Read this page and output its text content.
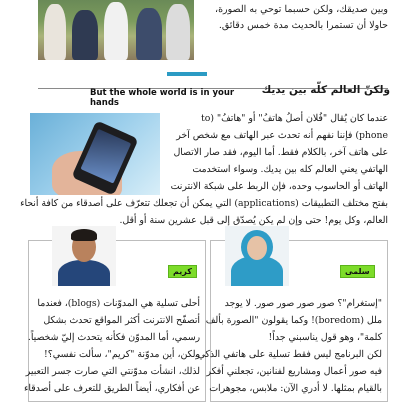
وبين صديقك، ولكن حسبما توحي به الصورة،

حاولا أن تستمرا بالحديث مدة خمس دقائق.

But the whole world is in your hands
ولكنّ العالم كلّه بين يديك

عندما كان يُقال "فُلان أصلُ هاتفُ" أو "هاتفُ" (to

phone) فإننا نفهم أنه تحدث عبر الهاتف مع شخص آخر

على هاتف آخر، بالكلام فقط. أما اليوم، فقد صار الاتصال

الهاتفي يعني العالم كله بين يديك. وسواء استخدمت

الهاتف أو الحاسوب وحده، فإن الربط على شبكة الانترنت

بفتح مختلف التطبيقات (applications) التي يمكن أن تجعلك تتعرّف على أصدقاء من كافة أنحاء

العالم، وكل يوم! حتى وإن لم يكن يُصدّق إلى قبل عشرين سنة أو أقل.

كريم

أحلى تسلية هي المدوّنات (blogs)، فعندما

أتصفّح الانترنت أكثر المواقع تحدث بشكل

رسمي، أما المدوّن فكأنه يتحدث إليّ شخصياً.

ولكن، أين مدوّنة "كريم"، سألت نفسي؟!

لذلك، انشأت مدوّنتي التي صارت جسر التعبير

عن أفكاري، أيضاً الطريق للتعرف على أصدقاء

سلمى

"إستغرام"؟ صور صور صور صور. لا يوجد

ملل (boredom)! وكما يقولون "الصورة بألف

كلمة"، وهو قول يناسبني جداً!

لكن البرنامج ليس فقط تسلية على هاتفي الذكي،

فيه صور أعمال ومشاريع لفنانين، تجعلني أفكر

بالقيام بمثلها. لا أدري الآن: ملابس، مجوهرات
